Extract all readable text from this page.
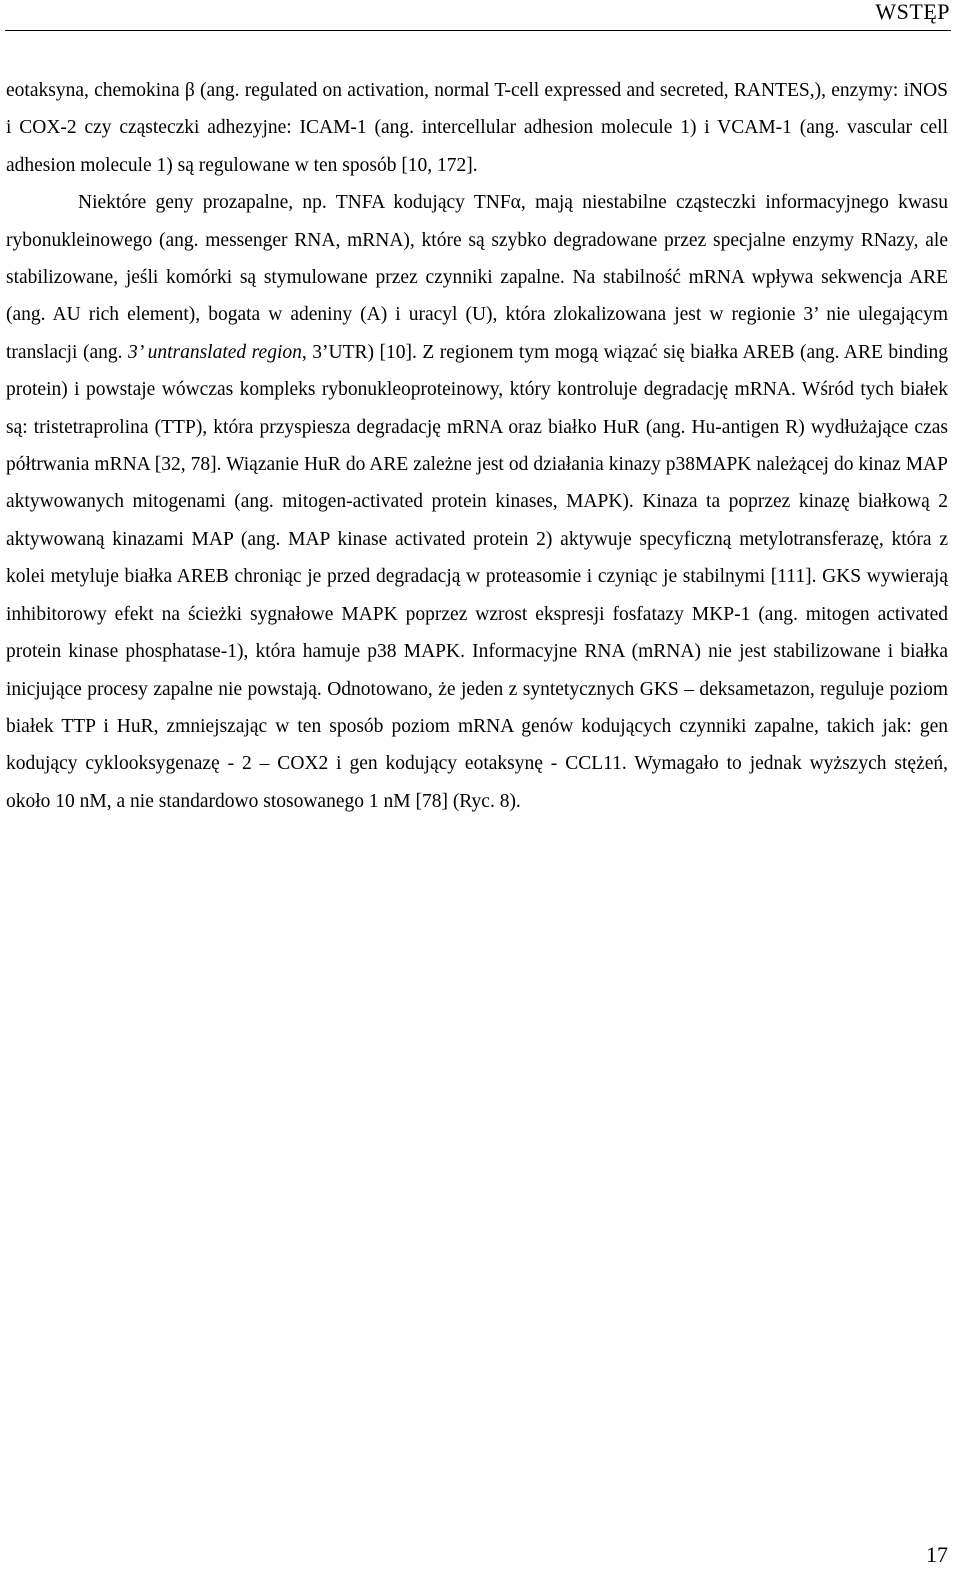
WSTĘP

eotaksyna, chemokina β (ang. regulated on activation, normal T-cell expressed and secreted, RANTES,), enzymy: iNOS i COX-2 czy cząsteczki adhezyjne: ICAM-1 (ang. intercellular adhesion molecule 1) i VCAM-1 (ang. vascular cell adhesion molecule 1) są regulowane w ten sposób [10, 172].

Niektóre geny prozapalne, np. TNFA kodujący TNFα, mają niestabilne cząsteczki informacyjnego kwasu rybonukleinowego (ang. messenger RNA, mRNA), które są szybko degradowane przez specjalne enzymy RNazy, ale stabilizowane, jeśli komórki są stymulowane przez czynniki zapalne. Na stabilność mRNA wpływa sekwencja ARE (ang. AU rich element), bogata w adeniny (A) i uracyl (U), która zlokalizowana jest w regionie 3’ nie ulegającym translacji (ang. 3’ untranslated region, 3’UTR) [10]. Z regionem tym mogą wiązać się białka AREB (ang. ARE binding protein) i powstaje wówczas kompleks rybonukleoproteinowy, który kontroluje degradację mRNA. Wśród tych białek są: tristetraprolina (TTP), która przyspiesza degradację mRNA oraz białko HuR (ang. Hu-antigen R) wydłużające czas półtrwania mRNA [32, 78]. Wiązanie HuR do ARE zależne jest od działania kinazy p38MAPK należącej do kinaz MAP aktywowanych mitogenami (ang. mitogen-activated protein kinases, MAPK). Kinaza ta poprzez kinazę białkową 2 aktywowaną kinazami MAP (ang. MAP kinase activated protein 2) aktywuje specyficzną metylotransferazę, która z kolei metyluje białka AREB chroniąc je przed degradacją w proteasomie i czyniąc je stabilnymi [111]. GKS wywierają inhibitorowy efekt na ścieżki sygnałowe MAPK poprzez wzrost ekspresji fosfatazy MKP-1 (ang. mitogen activated protein kinase phosphatase-1), która hamuje p38 MAPK. Informacyjne RNA (mRNA) nie jest stabilizowane i białka inicjujące procesy zapalne nie powstają. Odnotowano, że jeden z syntetycznych GKS – deksametazon, reguluje poziom białek TTP i HuR, zmniejszając w ten sposób poziom mRNA genów kodujących czynniki zapalne, takich jak: gen kodujący cyklooksygenazę - 2 – COX2 i gen kodujący eotaksynę - CCL11. Wymagało to jednak wyższych stężeń, około 10 nM, a nie standardowo stosowanego 1 nM [78] (Ryc. 8).

17
